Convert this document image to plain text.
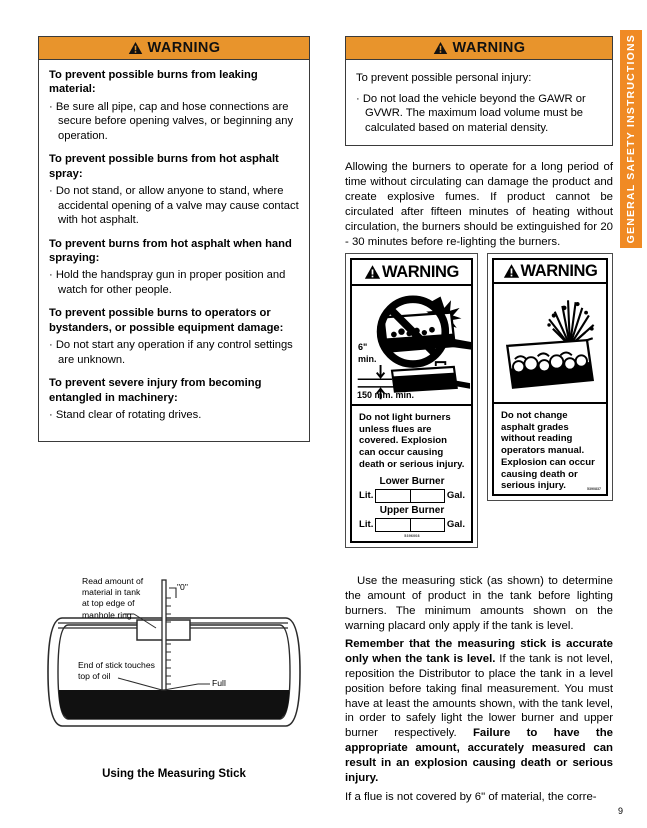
GENERAL SAFETY INSTRUCTIONS
WARNING
To prevent possible burns from leaking material:
· Be sure all pipe, cap and hose connections are secure before opening valves, or beginning any operation.
To prevent possible burns from hot asphalt spray:
· Do not stand, or allow anyone to stand, where accidental opening of a valve may cause contact with hot asphalt.
To prevent burns from hot asphalt when hand spraying:
· Hold the handspray gun in proper position and watch for other people.
To prevent possible burns to operators or bystanders, or possible equipment damage:
· Do not start any operation if any control settings are unknown.
To prevent severe injury from becoming entangled in machinery:
· Stand clear of rotating drives.
WARNING
To prevent possible personal injury:
· Do not load the vehicle beyond the GAWR or GVWR. The maximum load volume must be calculated based on material density.

Allowing the burners to operate for a long period of time without circulating can damage the product and create explosive fumes. If product cannot be circulated after fifteen minutes of heating without circulation, the burners should be extinguished for 20 - 30 minutes before re-lighting the burners.

WARNING
6"
min.
150 mm. min.
Do not light burners unless flues are covered. Explosion can occur causing death or serious injury.
Lower Burner
Lit.	Gal.
Upper Burner
Lit.	Gal.
5396008
WARNING
Do not change asphalt grades without reading operators manual. Explosion can occur causing death or serious injury.	5390837
Read amount of
material in tank
at top edge of
manhole ring
"0"
End of stick touches
top of oil
Full
Using the Measuring Stick

Use the measuring stick (as shown) to determine the amount of product in the tank before lighting burners. The minimum amounts shown on the warning placard only apply if the tank is level.

Remember that the measuring stick is accurate only when the tank is level. If the tank is not level, reposition the Distributor to place the tank in a level position before taking final measurement. You must have at least the amounts shown, with the tank level, in order to safely light the lower burner and upper burner respectively. Failure to have the appropriate amount, accurately measured can result in an explosion causing death or serious injury.

If a flue is not covered by 6" of material, the corre-

9
